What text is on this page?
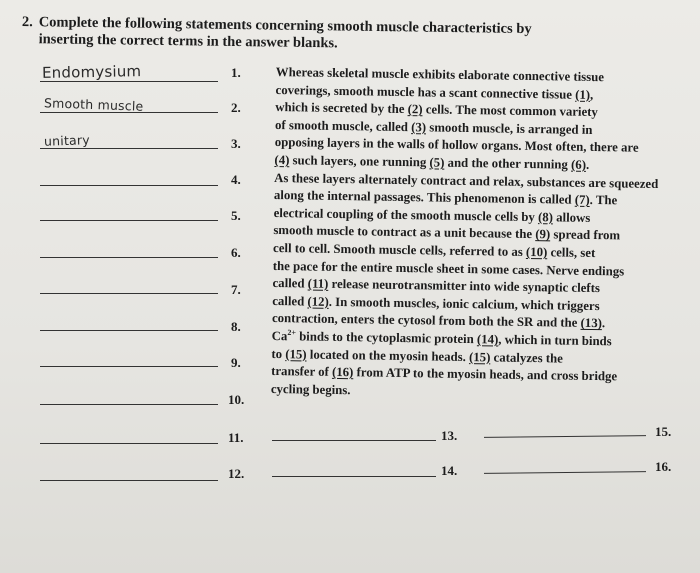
2. Complete the following statements concerning smooth muscle characteristics by
inserting the correct terms in the answer blanks.
Endomysium	1.
Smooth muscle	2.
unitary	3.
4.
5.
6.
7.
8.
9.
10.
11.
12.
13.
14.
15.
16.
Whereas skeletal muscle exhibits elaborate connective tissue
coverings, smooth muscle has a scant connective tissue (1),
which is secreted by the (2) cells. The most common variety
of smooth muscle, called (3) smooth muscle, is arranged in
opposing layers in the walls of hollow organs. Most often, there are
(4) such layers, one running (5) and the other running (6).
As these layers alternately contract and relax, substances are squeezed
along the internal passages. This phenomenon is called (7). The
electrical coupling of the smooth muscle cells by (8) allows
smooth muscle to contract as a unit because the (9) spread from
cell to cell. Smooth muscle cells, referred to as (10) cells, set
the pace for the entire muscle sheet in some cases. Nerve endings
called (11) release neurotransmitter into wide synaptic clefts
called (12). In smooth muscles, ionic calcium, which triggers
contraction, enters the cytosol from both the SR and the (13).
$Ca^{2+}$ binds to the cytoplasmic protein (14), which in turn binds
to (15) located on the myosin heads. (15) catalyzes the
transfer of (16) from ATP to the myosin heads, and cross bridge
cycling begins.
